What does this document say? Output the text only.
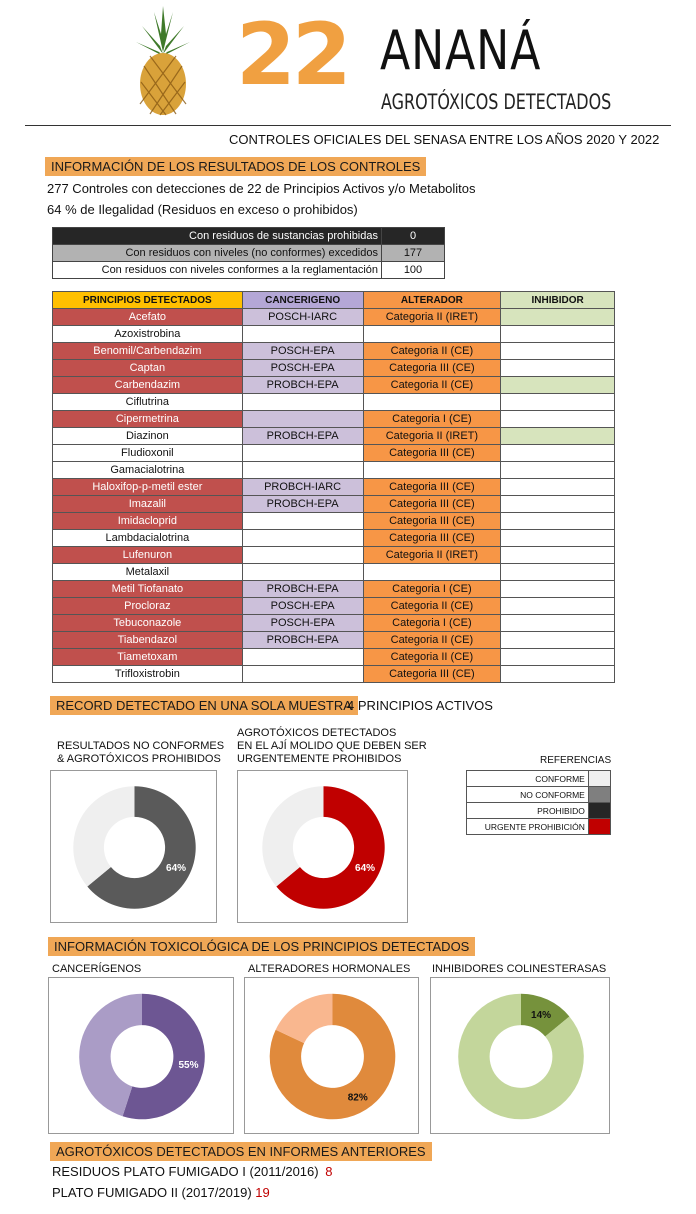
22 ANANÁ
AGROTÓXICOS DETECTADOS
CONTROLES OFICIALES DEL SENASA ENTRE LOS AÑOS 2020 Y 2022
INFORMACIÓN DE LOS RESULTADOS DE LOS CONTROLES
277 Controles con detecciones de 22 de Principios Activos y/o Metabolitos
64 % de Ilegalidad (Residuos en exceso o prohibidos)
Con residuos de sustancias prohibidas	0
Con residuos con niveles (no conformes) excedidos	177
Con residuos con niveles conformes a la reglamentación	100
PRINCIPIOS DETECTADOS	CANCERIGENO	ALTERADOR	INHIBIDOR
Acefato	POSCH-IARC	Categoria II (IRET)	
Azoxistrobina			
Benomil/Carbendazim	POSCH-EPA	Categoria II (CE)	
Captan	POSCH-EPA	Categoria III (CE)	
Carbendazim	PROBCH-EPA	Categoria II (CE)	
Ciflutrina			
Cipermetrina		Categoria I (CE)	
Diazinon	PROBCH-EPA	Categoria II (IRET)	
Fludioxonil		Categoria III (CE)	
Gamacialotrina			
Haloxifop-p-metil ester	PROBCH-IARC	Categoria III (CE)	
Imazalil	PROBCH-EPA	Categoria III (CE)	
Imidacloprid		Categoria III (CE)	
Lambdacialotrina		Categoria III (CE)	
Lufenuron		Categoria II (IRET)	
Metalaxil			
Metil Tiofanato	PROBCH-EPA	Categoria I (CE)	
Procloraz	POSCH-EPA	Categoria II (CE)	
Tebuconazole	POSCH-EPA	Categoria I (CE)	
Tiabendazol	PROBCH-EPA	Categoria II (CE)	
Tiametoxam		Categoria II (CE)	
Trifloxistrobin		Categoria III (CE)	
RECORD DETECTADO EN UNA SOLA MUESTRA
4 PRINCIPIOS ACTIVOS
RESULTADOS NO CONFORMES
& AGROTÓXICOS PROHIBIDOS
64%
AGROTÓXICOS DETECTADOS
EN EL AJÍ MOLIDO QUE DEBEN SER
URGENTEMENTE PROHIBIDOS
64%
REFERENCIAS
CONFORME	
NO CONFORME	
PROHIBIDO	
URGENTE PROHIBICIÓN	
INFORMACIÓN TOXICOLÓGICA DE LOS PRINCIPIOS DETECTADOS
CANCERÍGENOS
55%
ALTERADORES HORMONALES
82%
INHIBIDORES COLINESTERASAS
14%
AGROTÓXICOS DETECTADOS EN INFORMES ANTERIORES
RESIDUOS PLATO FUMIGADO I (2011/2016) 8
PLATO FUMIGADO II (2017/2019) 19
